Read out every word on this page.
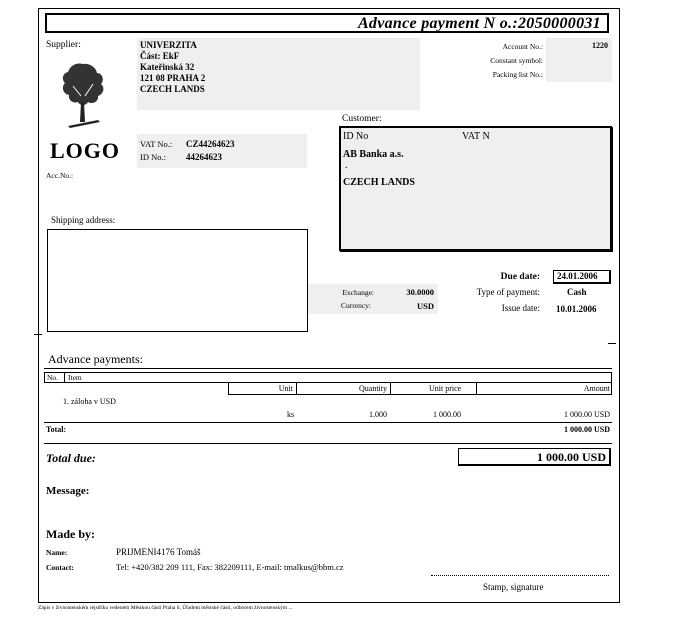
Advance payment N o.:2050000031
Supplier:	UNIVERZITA
Část: EkF
Kateřinská 32
121 08 PRAHA 2
CZECH LANDS
LOGO VAT No.: CZ44264623
ID No.: 44264623
Acc.No.:
Account No.:	1220
Constant symbol:
Packing list No.:
Customer:
ID No	VAT N
AB Banka a.s.
.
CZECH LANDS
Shipping address:
Exchange:	30.0000
Currency:	USD
Due date: 24.01.2006
Type of payment:	Cash
Issue date: 10.01.2006
Advance payments:
No. Item
Unit	Quantity	Unit price	Amount
1. záloha v USD
ks	1.000	1 000.00	1 000.00 USD
Total:	1 000.00 USD
Total due:	1 000.00 USD
Message:
Made by:
Name:	PRIJMENI4176 Tomáš
Contact:	Tel: +420/382 209 111, Fax: 382209111, E-mail: tmalkus@bbm.cz
Stamp, signature
Zápis v živnostenském rejstříku vedeném Městkou částí Praha 6, Úřadem městské části, odborem živnostenským ...
